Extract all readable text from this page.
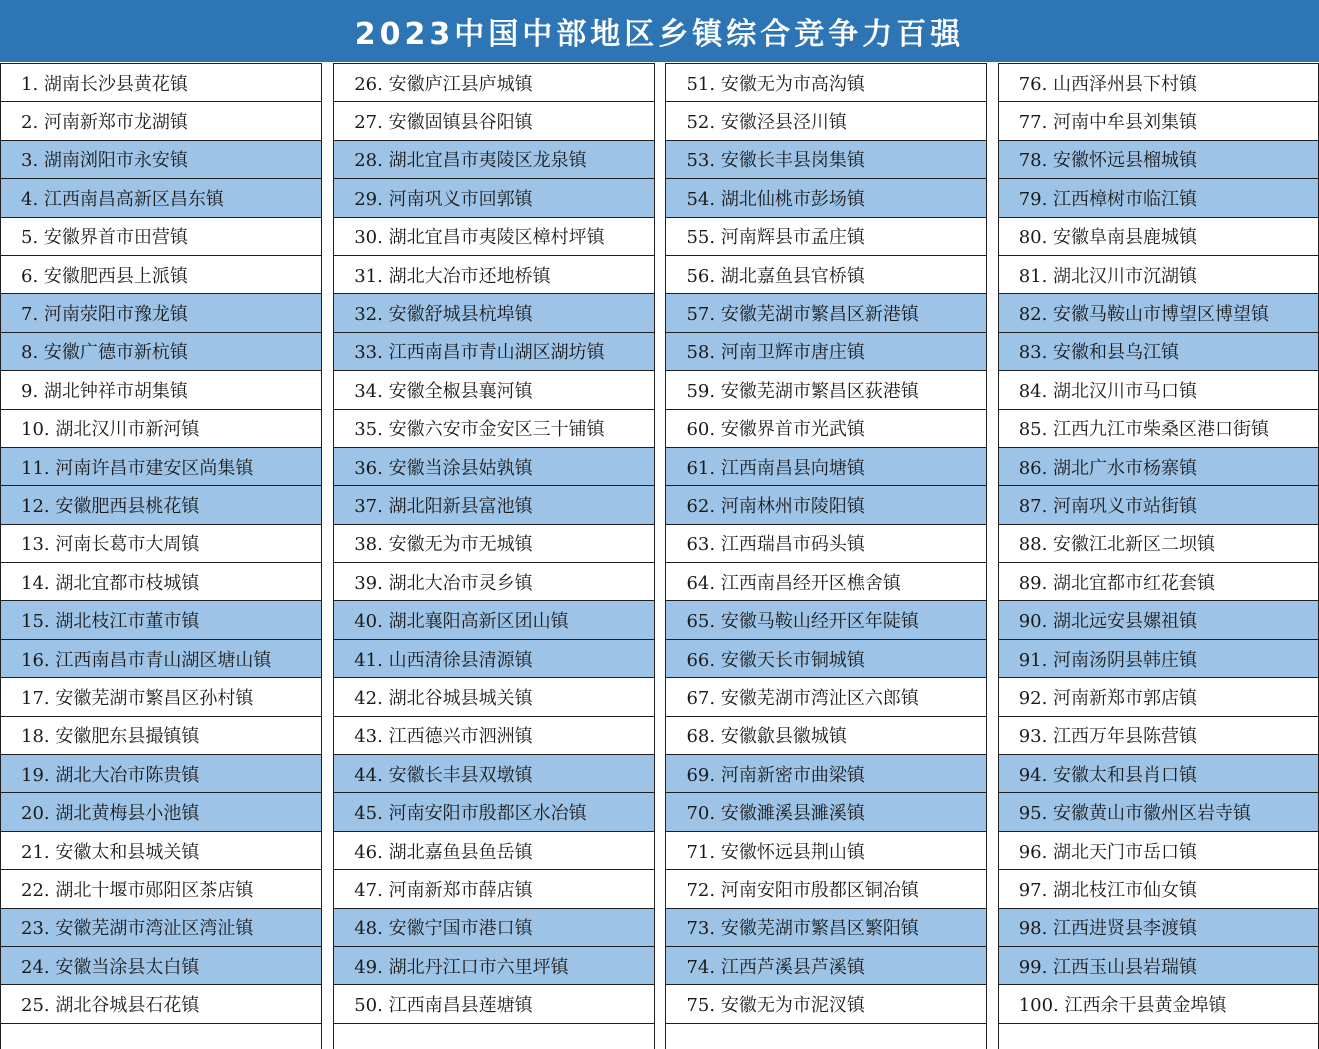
2023中国中部地区乡镇综合竞争力百强
1. 湖南长沙县黄花镇
2. 河南新郑市龙湖镇
3. 湖南浏阳市永安镇
4. 江西南昌高新区昌东镇
5. 安徽界首市田营镇
6. 安徽肥西县上派镇
7. 河南荥阳市豫龙镇
8. 安徽广德市新杭镇
9. 湖北钟祥市胡集镇
10. 湖北汉川市新河镇
11. 河南许昌市建安区尚集镇
12. 安徽肥西县桃花镇
13. 河南长葛市大周镇
14. 湖北宜都市枝城镇
15. 湖北枝江市董市镇
16. 江西南昌市青山湖区塘山镇
17. 安徽芜湖市繁昌区孙村镇
18. 安徽肥东县撮镇镇
19. 湖北大冶市陈贵镇
20. 湖北黄梅县小池镇
21. 安徽太和县城关镇
22. 湖北十堰市郧阳区茶店镇
23. 安徽芜湖市湾沚区湾沚镇
24. 安徽当涂县太白镇
25. 湖北谷城县石花镇
26. 安徽庐江县庐城镇
27. 安徽固镇县谷阳镇
28. 湖北宜昌市夷陵区龙泉镇
29. 河南巩义市回郭镇
30. 湖北宜昌市夷陵区樟村坪镇
31. 湖北大冶市还地桥镇
32. 安徽舒城县杭埠镇
33. 江西南昌市青山湖区湖坊镇
34. 安徽全椒县襄河镇
35. 安徽六安市金安区三十铺镇
36. 安徽当涂县姑孰镇
37. 湖北阳新县富池镇
38. 安徽无为市无城镇
39. 湖北大冶市灵乡镇
40. 湖北襄阳高新区团山镇
41. 山西清徐县清源镇
42. 湖北谷城县城关镇
43. 江西德兴市泗洲镇
44. 安徽长丰县双墩镇
45. 河南安阳市殷都区水冶镇
46. 湖北嘉鱼县鱼岳镇
47. 河南新郑市薛店镇
48. 安徽宁国市港口镇
49. 湖北丹江口市六里坪镇
50. 江西南昌县莲塘镇
51. 安徽无为市高沟镇
52. 安徽泾县泾川镇
53. 安徽长丰县岗集镇
54. 湖北仙桃市彭场镇
55. 河南辉县市孟庄镇
56. 湖北嘉鱼县官桥镇
57. 安徽芜湖市繁昌区新港镇
58. 河南卫辉市唐庄镇
59. 安徽芜湖市繁昌区荻港镇
60. 安徽界首市光武镇
61. 江西南昌县向塘镇
62. 河南林州市陵阳镇
63. 江西瑞昌市码头镇
64. 江西南昌经开区樵舍镇
65. 安徽马鞍山经开区年陡镇
66. 安徽天长市铜城镇
67. 安徽芜湖市湾沚区六郎镇
68. 安徽歙县徽城镇
69. 河南新密市曲梁镇
70. 安徽濉溪县濉溪镇
71. 安徽怀远县荆山镇
72. 河南安阳市殷都区铜冶镇
73. 安徽芜湖市繁昌区繁阳镇
74. 江西芦溪县芦溪镇
75. 安徽无为市泥汊镇
76. 山西泽州县下村镇
77. 河南中牟县刘集镇
78. 安徽怀远县榴城镇
79. 江西樟树市临江镇
80. 安徽阜南县鹿城镇
81. 湖北汉川市沉湖镇
82. 安徽马鞍山市博望区博望镇
83. 安徽和县乌江镇
84. 湖北汉川市马口镇
85. 江西九江市柴桑区港口街镇
86. 湖北广水市杨寨镇
87. 河南巩义市站街镇
88. 安徽江北新区二坝镇
89. 湖北宜都市红花套镇
90. 湖北远安县嫘祖镇
91. 河南汤阴县韩庄镇
92. 河南新郑市郭店镇
93. 江西万年县陈营镇
94. 安徽太和县肖口镇
95. 安徽黄山市徽州区岩寺镇
96. 湖北天门市岳口镇
97. 湖北枝江市仙女镇
98. 江西进贤县李渡镇
99. 江西玉山县岩瑞镇
100. 江西余干县黄金埠镇
